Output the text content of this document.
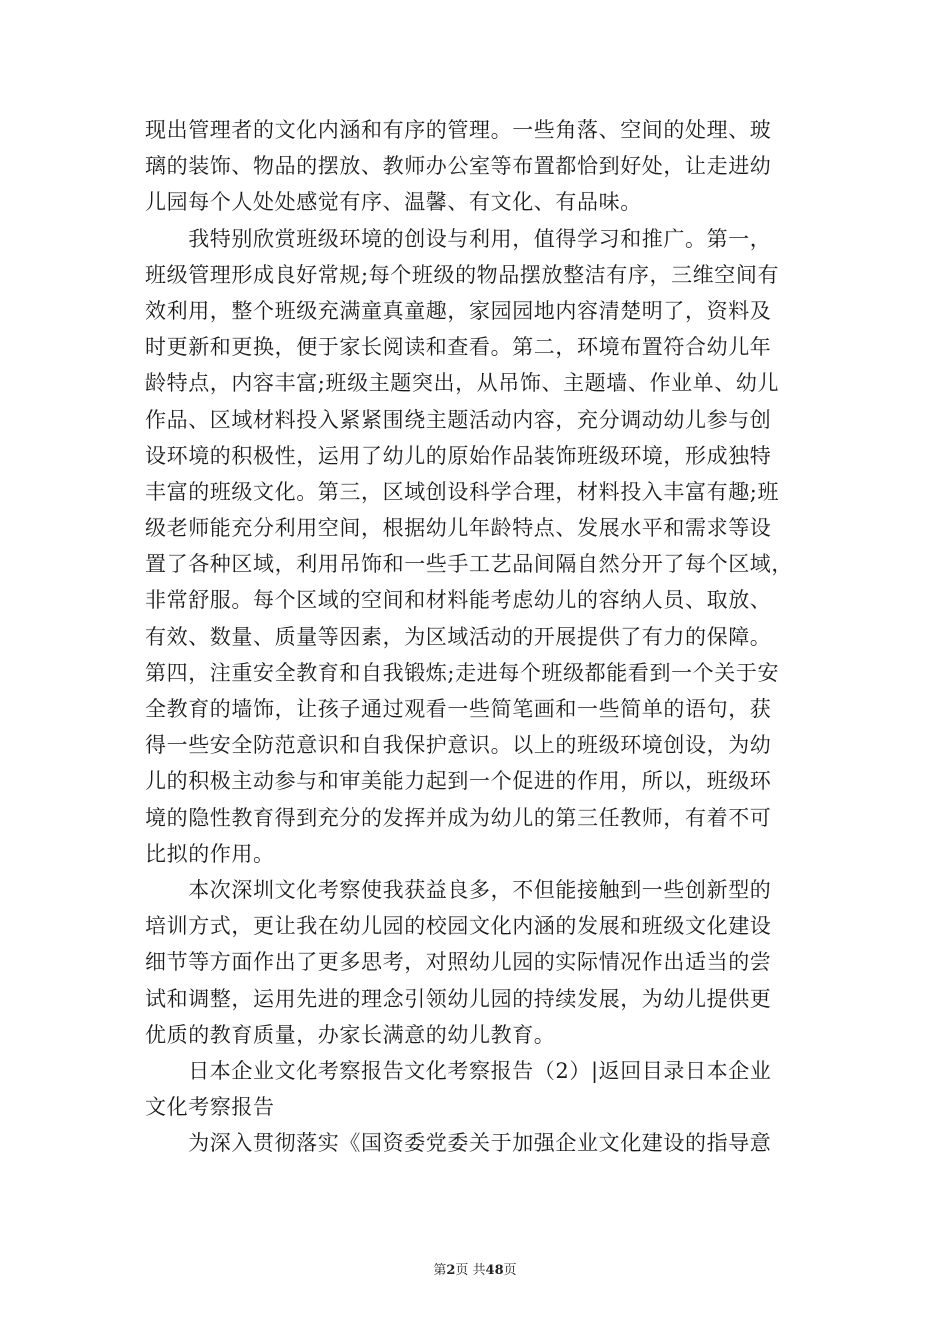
现出管理者的文化内涵和有序的管理。一些角落、空间的处理、玻
璃的装饰、物品的摆放、教师办公室等布置都恰到好处，让走进幼
儿园每个人处处感觉有序、温馨、有文化、有品味。
　　我特别欣赏班级环境的创设与利用，值得学习和推广。第一，
班级管理形成良好常规;每个班级的物品摆放整洁有序，三维空间有
效利用，整个班级充满童真童趣，家园园地内容清楚明了，资料及
时更新和更换，便于家长阅读和查看。第二，环境布置符合幼儿年
龄特点，内容丰富;班级主题突出，从吊饰、主题墙、作业单、幼儿
作品、区域材料投入紧紧围绕主题活动内容，充分调动幼儿参与创
设环境的积极性，运用了幼儿的原始作品装饰班级环境，形成独特
丰富的班级文化。第三，区域创设科学合理，材料投入丰富有趣;班
级老师能充分利用空间，根据幼儿年龄特点、发展水平和需求等设
置了各种区域，利用吊饰和一些手工艺品间隔自然分开了每个区域，
非常舒服。每个区域的空间和材料能考虑幼儿的容纳人员、取放、
有效、数量、质量等因素，为区域活动的开展提供了有力的保障。
第四，注重安全教育和自我锻炼;走进每个班级都能看到一个关于安
全教育的墙饰，让孩子通过观看一些简笔画和一些简单的语句，获
得一些安全防范意识和自我保护意识。以上的班级环境创设，为幼
儿的积极主动参与和审美能力起到一个促进的作用，所以，班级环
境的隐性教育得到充分的发挥并成为幼儿的第三任教师，有着不可
比拟的作用。
　　本次深圳文化考察使我获益良多，不但能接触到一些创新型的
培训方式，更让我在幼儿园的校园文化内涵的发展和班级文化建设
细节等方面作出了更多思考，对照幼儿园的实际情况作出适当的尝
试和调整，运用先进的理念引领幼儿园的持续发展，为幼儿提供更
优质的教育质量，办家长满意的幼儿教育。
　　日本企业文化考察报告文化考察报告（2）|返回目录日本企业
文化考察报告
　　为深入贯彻落实《国资委党委关于加强企业文化建设的指导意
第2页 共48页
